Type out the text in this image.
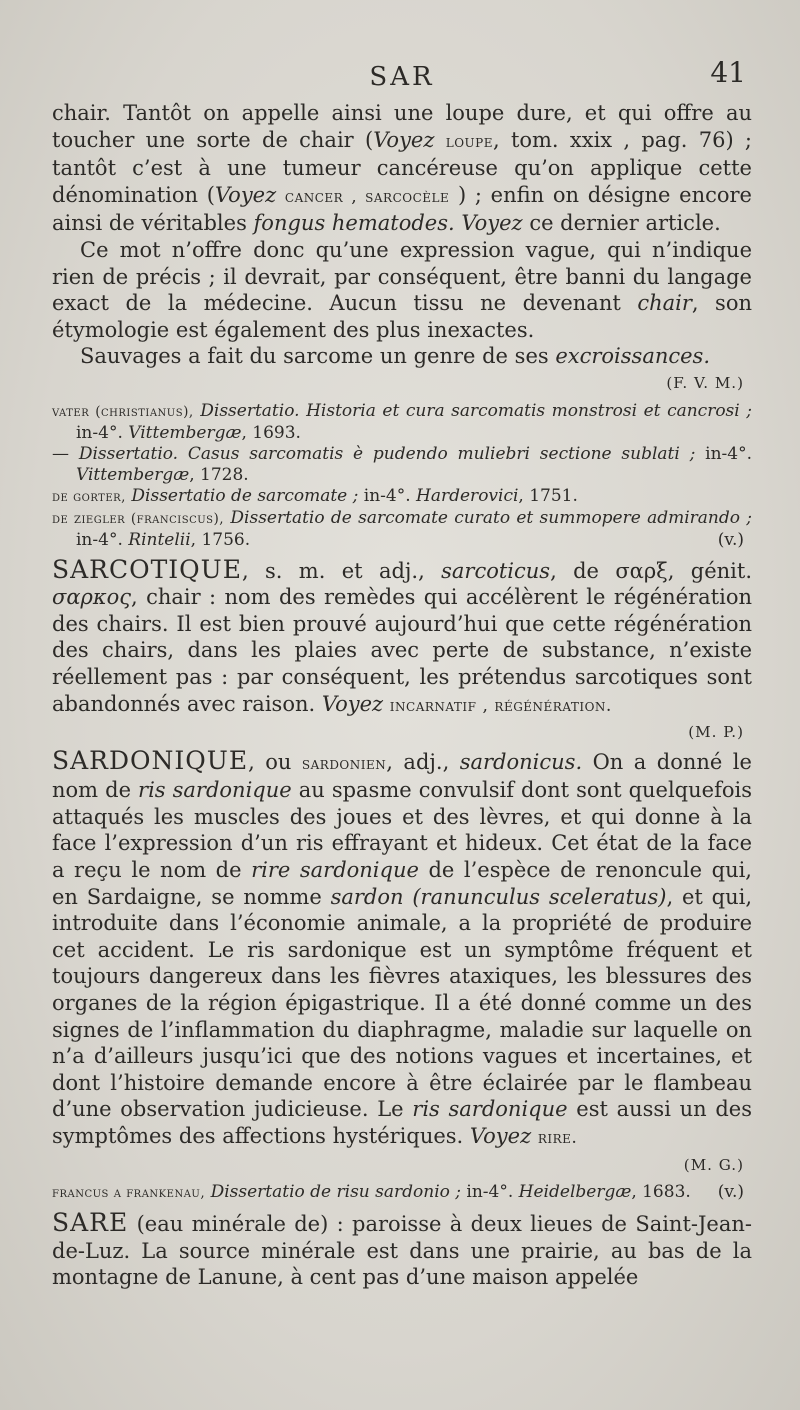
SAR	41

chair. Tantôt on appelle ainsi une loupe dure, et qui offre au toucher une sorte de chair (Voyez loupe, tom. xxix , pag. 76) ; tantôt c’est à une tumeur cancéreuse qu’on applique cette dénomination (Voyez cancer , sarcocèle ) ; enfin on désigne encore ainsi de véritables fongus hematodes. Voyez ce dernier article.

Ce mot n’offre donc qu’une expression vague, qui n’indique rien de précis ; il devrait, par conséquent, être banni du langage exact de la médecine. Aucun tissu ne devenant chair, son étymologie est également des plus inexactes.

Sauvages a fait du sarcome un genre de ses excroissances.

(F. V. M.)
vater (christianus), Dissertatio. Historia et cura sarcomatis monstrosi et cancrosi ; in-4°. Vittembergæ, 1693.
— Dissertatio. Casus sarcomatis è pudendo muliebri sectione sublati ; in-4°. Vittembergæ, 1728.
de gorter, Dissertatio de sarcomate ; in-4°. Harderovici, 1751.
de ziegler (franciscus), Dissertatio de sarcomate curato et summopere admirando ; in-4°. Rintelii, 1756.	(v.)

SARCOTIQUE, s. m. et adj., sarcoticus, de σαρξ, génit. σαρκος, chair : nom des remèdes qui accélèrent le régénération des chairs. Il est bien prouvé aujourd’hui que cette régénération des chairs, dans les plaies avec perte de substance, n’existe réellement pas : par conséquent, les prétendus sarcotiques sont abandonnés avec raison. Voyez incarnatif , régénération.

(M. P.)

SARDONIQUE, ou sardonien, adj., sardonicus. On a donné le nom de ris sardonique au spasme convulsif dont sont quelquefois attaqués les muscles des joues et des lèvres, et qui donne à la face l’expression d’un ris effrayant et hideux. Cet état de la face a reçu le nom de rire sardonique de l’espèce de renoncule qui, en Sardaigne, se nomme sardon (ranunculus sceleratus), et qui, introduite dans l’économie animale, a la propriété de produire cet accident. Le ris sardonique est un symptôme fréquent et toujours dangereux dans les fièvres ataxiques, les blessures des organes de la région épigastrique. Il a été donné comme un des signes de l’inflammation du diaphragme, maladie sur laquelle on n’a d’ailleurs jusqu’ici que des notions vagues et incertaines, et dont l’histoire demande encore à être éclairée par le flambeau d’une observation judicieuse. Le ris sardonique est aussi un des symptômes des affections hystériques. Voyez rire.

(M. G.)
francus a frankenau, Dissertatio de risu sardonio ; in-4°. Heidelbergæ, 1683. (v.)

SARE (eau minérale de) : paroisse à deux lieues de Saint-Jean-de-Luz. La source minérale est dans une prairie, au bas de la montagne de Lanune, à cent pas d’une maison appelée
